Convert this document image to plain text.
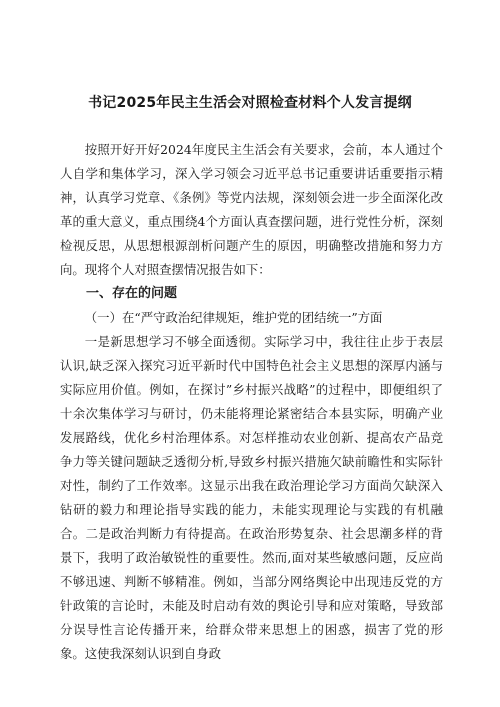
书记2025年民主生活会对照检查材料个人发言提纲

按照开好开好2024年度民主生活会有关要求，会前，本人通过个人自学和集体学习，深入学习领会习近平总书记重要讲话重要指示精神，认真学习党章、《条例》等党内法规，深刻领会进一步全面深化改革的重大意义，重点围绕4个方面认真查摆问题，进行党性分析，深刻检视反思，从思想根源剖析问题产生的原因，明确整改措施和努力方向。现将个人对照查摆情况报告如下：

一、存在的问题
（一）在“严守政治纪律规矩，维护党的团结统一”方面

一是新思想学习不够全面透彻。实际学习中，我往往止步于表层认识,缺乏深入探究习近平新时代中国特色社会主义思想的深厚内涵与实际应用价值。例如，在探讨”乡村振兴战略”的过程中，即便组织了十余次集体学习与研讨，仍未能将理论紧密结合本县实际，明确产业发展路线，优化乡村治理体系。对怎样推动农业创新、提高农产品竞争力等关键问题缺乏透彻分析,导致乡村振兴措施欠缺前瞻性和实际针对性，制约了工作效率。这显示出我在政治理论学习方面尚欠缺深入钻研的毅力和理论指导实践的能力，未能实现理论与实践的有机融合。二是政治判断力有待提高。在政治形势复杂、社会思潮多样的背景下，我明了政治敏锐性的重要性。然而,面对某些敏感问题，反应尚不够迅速、判断不够精准。例如，当部分网络舆论中出现违反党的方针政策的言论时，未能及时启动有效的舆论引导和应对策略，导致部分误导性言论传播开来，给群众带来思想上的困惑，损害了党的形象。这使我深刻认识到自身政
